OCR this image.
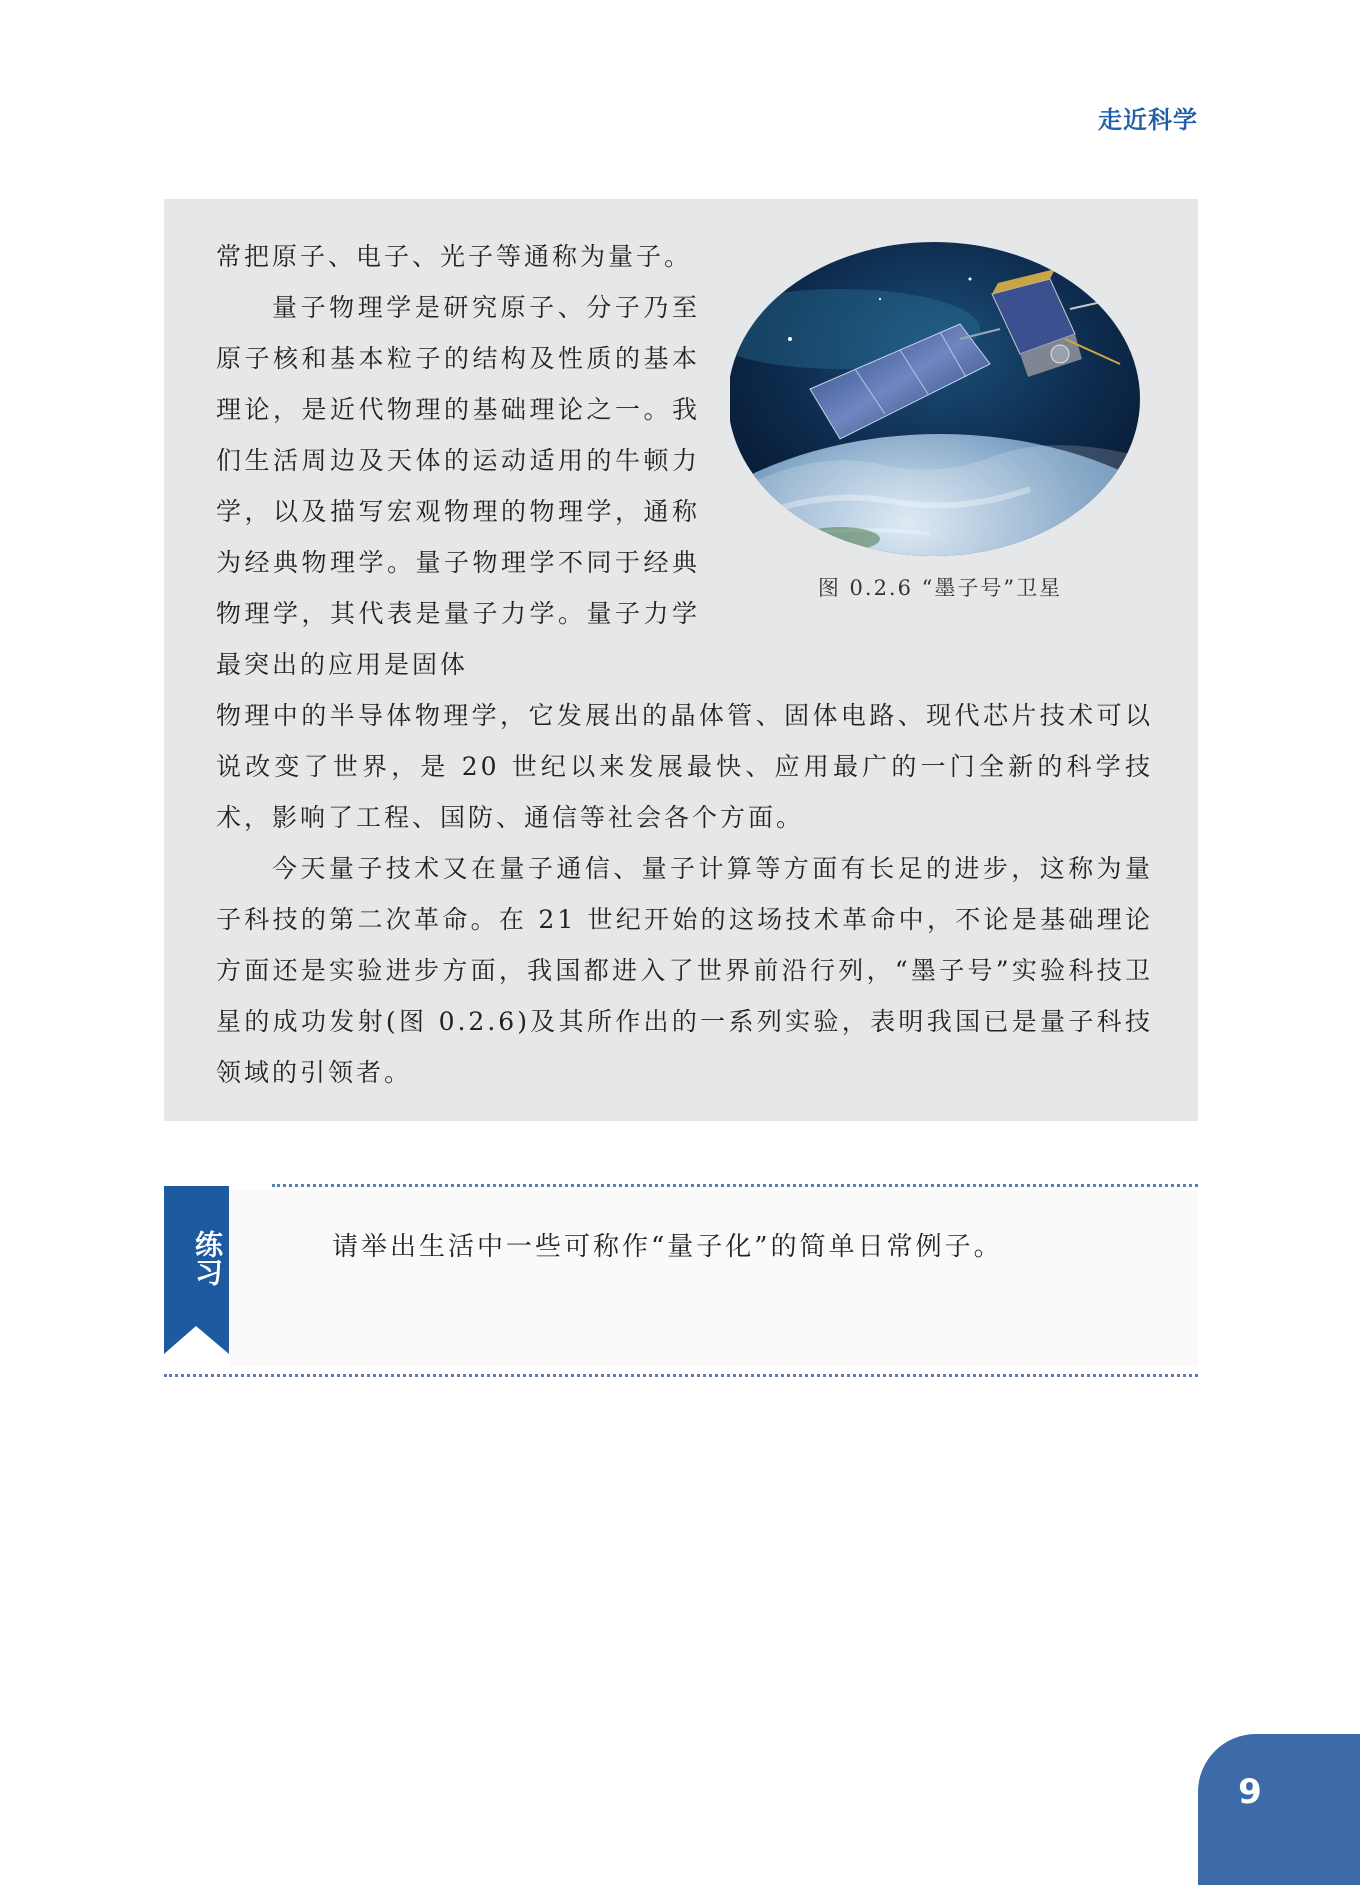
走近科学

常把原子、电子、光子等通称为量子。

量子物理学是研究原子、分子乃至原子核和基本粒子的结构及性质的基本理论，是近代物理的基础理论之一。我们生活周边及天体的运动适用的牛顿力学，以及描写宏观物理的物理学，通称为经典物理学。量子物理学不同于经典物理学，其代表是量子力学。量子力学最突出的应用是固体

图 0.2.6 “墨子号”卫星

物理中的半导体物理学，它发展出的晶体管、固体电路、现代芯片技术可以说改变了世界，是 20 世纪以来发展最快、应用最广的一门全新的科学技术，影响了工程、国防、通信等社会各个方面。

今天量子技术又在量子通信、量子计算等方面有长足的进步，这称为量子科技的第二次革命。在 21 世纪开始的这场技术革命中，不论是基础理论方面还是实验进步方面，我国都进入了世界前沿行列，“墨子号”实验科技卫星的成功发射(图 0.2.6)及其所作出的一系列实验，表明我国已是量子科技领域的引领者。

练习	请举出生活中一些可称作“量子化”的简单日常例子。
9
